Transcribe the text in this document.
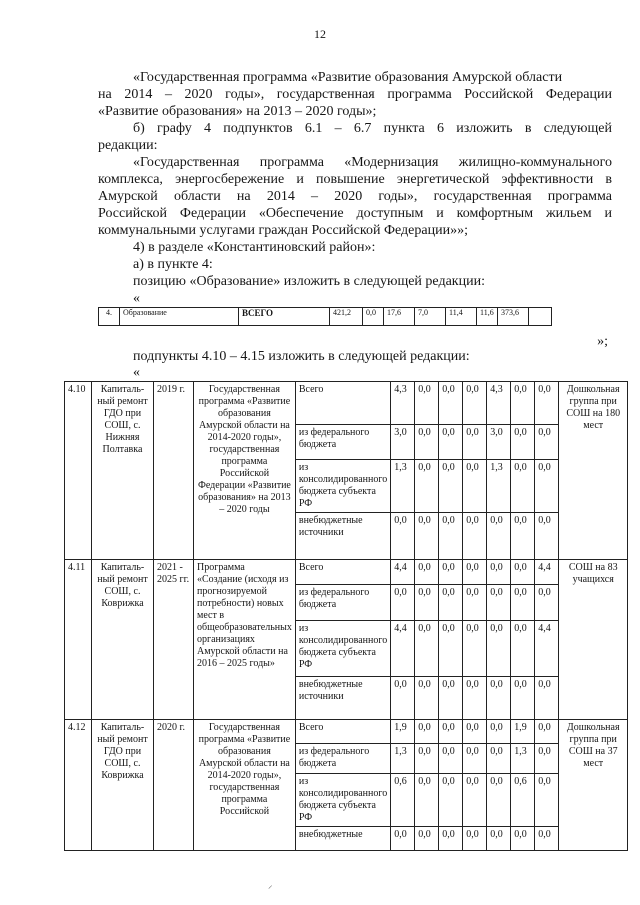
12
«Государственная программа «Развитие образования Амурской области
на 2014 – 2020 годы», государственная программа Российской Федерации
«Развитие образования» на 2013 – 2020 годы»;
б) графу 4 подпунктов 6.1 – 6.7 пункта 6 изложить в следующей
редакции:
«Государственная программа «Модернизация жилищно-коммунального
комплекса, энергосбережение и повышение энергетической эффективности в
Амурской области на 2014 – 2020 годы», государственная программа
Российской Федерации «Обеспечение доступным и комфортным жильем и
коммунальными услугами граждан Российской Федерации»»;
4) в разделе «Константиновский район»:
а) в пункте 4:
позицию «Образование» изложить в следующей редакции:
«
4.	Образование	ВСЕГО	421,2	0,0	17,6	7,0	11,4	11,6	373,6	
»;
подпункты 4.10 – 4.15 изложить в следующей редакции:
«
4.10	Капиталь-ный ремонт ГДО при СОШ, с. Нижняя Полтавка	2019 г.	Государственная программа «Развитие образования Амурской области на 2014-2020 годы», государственная программа Российской Федерации «Развитие образования» на 2013 – 2020 годы	Всего	4,3	0,0	0,0	0,0	4,3	0,0	0,0	Дошкольная группа при СОШ на 180 мест
				из федерального бюджета	3,0	0,0	0,0	0,0	3,0	0,0	0,0	
				из консолидированного бюджета субъекта РФ	1,3	0,0	0,0	0,0	1,3	0,0	0,0	
				внебюджетные источники	0,0	0,0	0,0	0,0	0,0	0,0	0,0	
4.11	Капиталь-ный ремонт СОШ, с. Коврижка	2021 - 2025 гг.	Программа «Создание (исходя из прогнозируемой потребности) новых мест в общеобразовательных организациях Амурской области на 2016 – 2025 годы»	Всего	4,4	0,0	0,0	0,0	0,0	0,0	4,4	СОШ на 83 учащихся
				из федерального бюджета	0,0	0,0	0,0	0,0	0,0	0,0	0,0	
				из консолидированного бюджета субъекта РФ	4,4	0,0	0,0	0,0	0,0	0,0	4,4	
				внебюджетные источники	0,0	0,0	0,0	0,0	0,0	0,0	0,0	
4.12	Капиталь-ный ремонт ГДО при СОШ, с. Коврижка	2020 г.	Государственная программа «Развитие образования Амурской области на 2014-2020 годы», государственная программа Российской	Всего	1,9	0,0	0,0	0,0	0,0	1,9	0,0	Дошкольная группа при СОШ на 37 мест
				из федерального бюджета	1,3	0,0	0,0	0,0	0,0	1,3	0,0	
				из консолидированного бюджета субъекта РФ	0,6	0,0	0,0	0,0	0,0	0,6	0,0	
				внебюджетные	0,0	0,0	0,0	0,0	0,0	0,0	0,0	
⸝
